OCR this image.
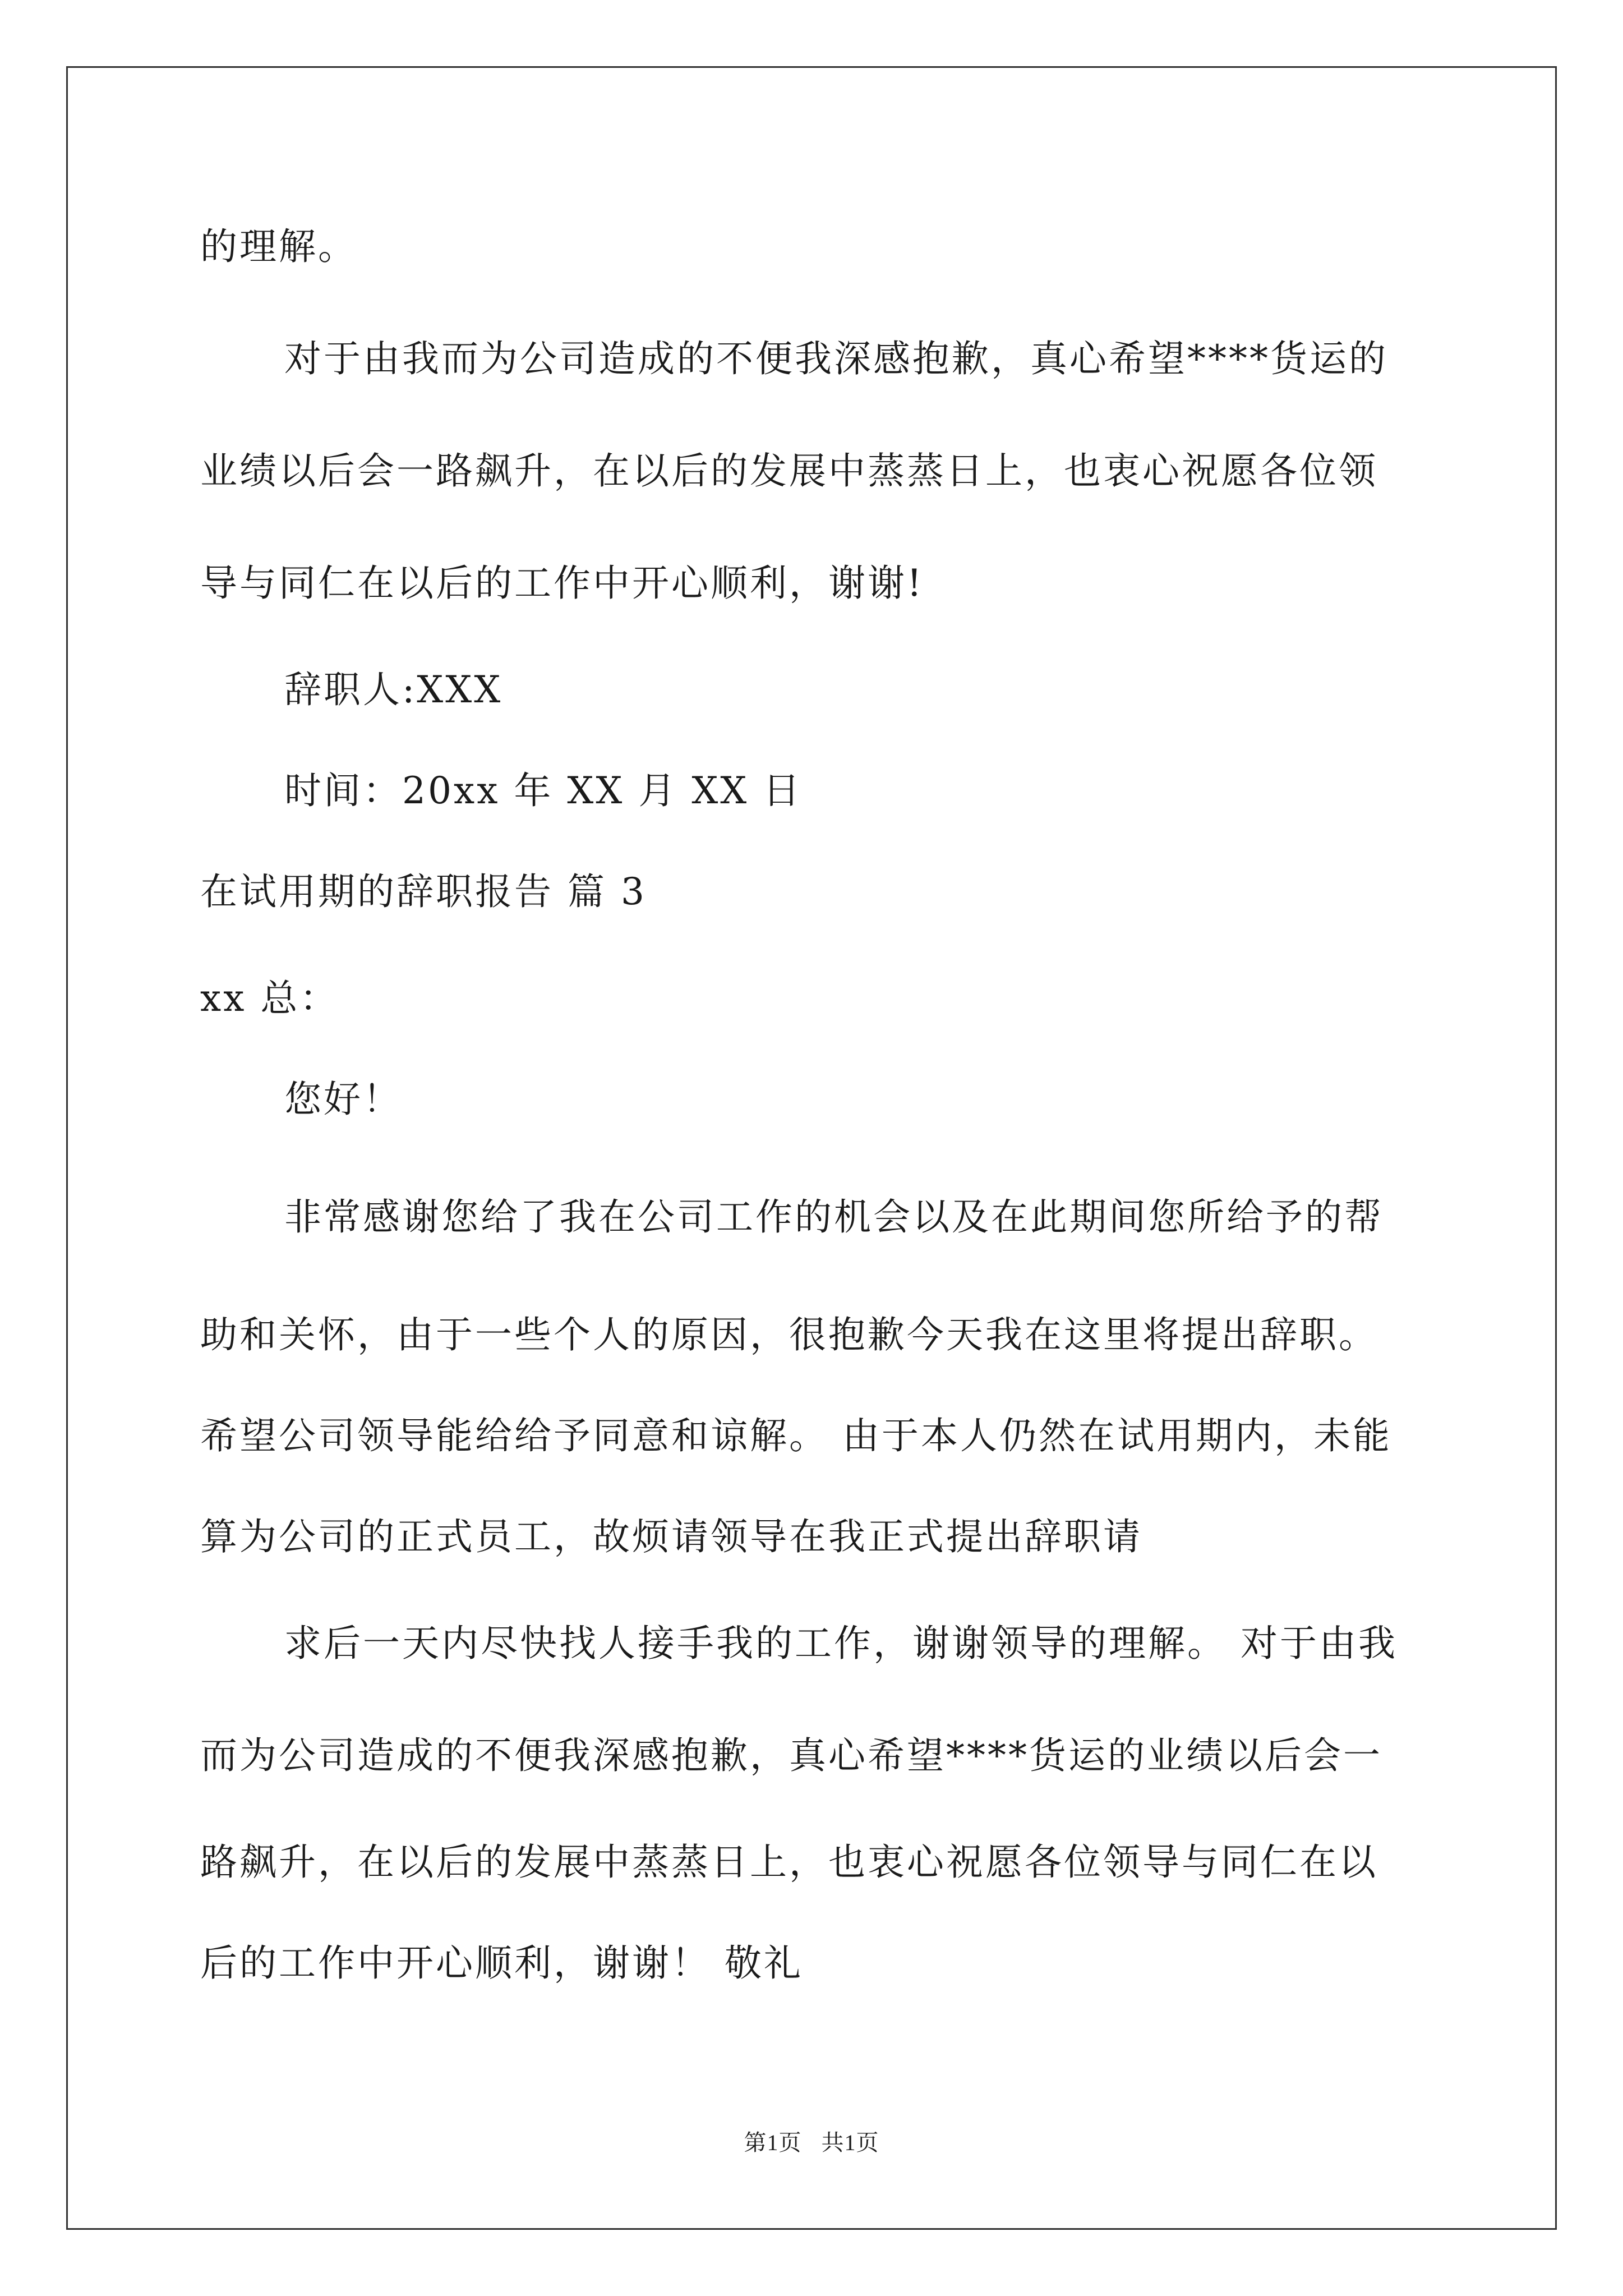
的理解。
对于由我而为公司造成的不便我深感抱歉，真心希望****货运的
业绩以后会一路飙升，在以后的发展中蒸蒸日上，也衷心祝愿各位领
导与同仁在以后的工作中开心顺利，谢谢!
辞职人:XXX
时间：20xx 年 XX 月 XX 日
在试用期的辞职报告 篇 3
xx 总：
您好！
非常感谢您给了我在公司工作的机会以及在此期间您所给予的帮
助和关怀，由于一些个人的原因，很抱歉今天我在这里将提出辞职。
希望公司领导能给给予同意和谅解。 由于本人仍然在试用期内，未能
算为公司的正式员工，故烦请领导在我正式提出辞职请
求后一天内尽快找人接手我的工作，谢谢领导的理解。 对于由我
而为公司造成的不便我深感抱歉，真心希望****货运的业绩以后会一
路飙升，在以后的发展中蒸蒸日上，也衷心祝愿各位领导与同仁在以
后的工作中开心顺利，谢谢！ 敬礼
第1页 共1页
